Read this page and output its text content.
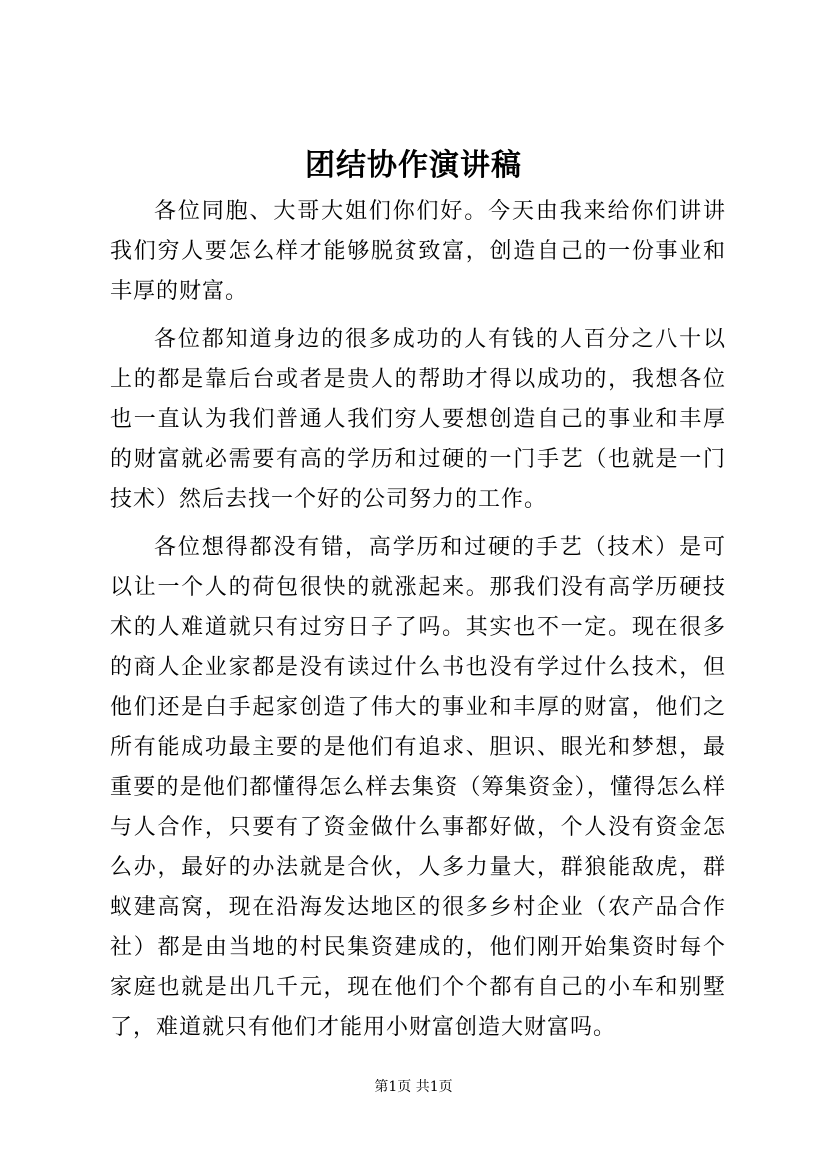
团结协作演讲稿

各位同胞、大哥大姐们你们好。今天由我来给你们讲讲我们穷人要怎么样才能够脱贫致富，创造自己的一份事业和丰厚的财富。

各位都知道身边的很多成功的人有钱的人百分之八十以上的都是靠后台或者是贵人的帮助才得以成功的，我想各位也一直认为我们普通人我们穷人要想创造自己的事业和丰厚的财富就必需要有高的学历和过硬的一门手艺（也就是一门技术）然后去找一个好的公司努力的工作。

各位想得都没有错，高学历和过硬的手艺（技术）是可以让一个人的荷包很快的就涨起来。那我们没有高学历硬技术的人难道就只有过穷日子了吗。其实也不一定。现在很多的商人企业家都是没有读过什么书也没有学过什么技术，但他们还是白手起家创造了伟大的事业和丰厚的财富，他们之所有能成功最主要的是他们有追求、胆识、眼光和梦想，最重要的是他们都懂得怎么样去集资（筹集资金），懂得怎么样与人合作，只要有了资金做什么事都好做，个人没有资金怎么办，最好的办法就是合伙，人多力量大，群狼能敌虎，群蚁建高窝，现在沿海发达地区的很多乡村企业（农产品合作社）都是由当地的村民集资建成的，他们刚开始集资时每个家庭也就是出几千元，现在他们个个都有自己的小车和别墅了，难道就只有他们才能用小财富创造大财富吗。

第1页 共1页
